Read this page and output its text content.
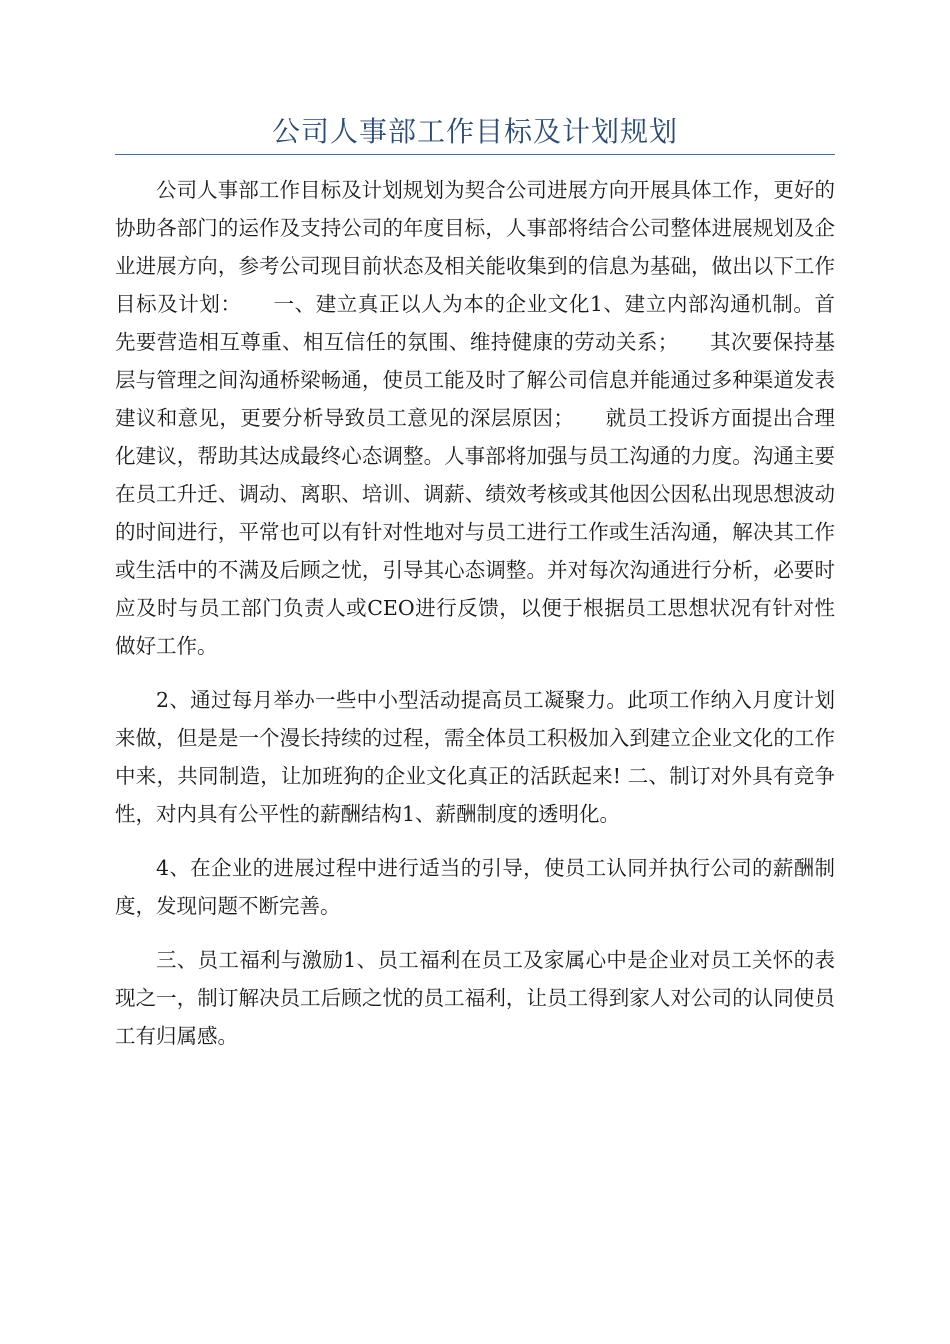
公司人事部工作目标及计划规划

公司人事部工作目标及计划规划为契合公司进展方向开展具体工作，更好的协助各部门的运作及支持公司的年度目标，人事部将结合公司整体进展规划及企业进展方向，参考公司现目前状态及相关能收集到的信息为基础，做出以下工作目标及计划：　　一、建立真正以人为本的企业文化1、建立内部沟通机制。首先要营造相互尊重、相互信任的氛围、维持健康的劳动关系；　　其次要保持基层与管理之间沟通桥梁畅通，使员工能及时了解公司信息并能通过多种渠道发表建议和意见，更要分析导致员工意见的深层原因；　　就员工投诉方面提出合理化建议，帮助其达成最终心态调整。人事部将加强与员工沟通的力度。沟通主要在员工升迁、调动、离职、培训、调薪、绩效考核或其他因公因私出现思想波动的时间进行，平常也可以有针对性地对与员工进行工作或生活沟通，解决其工作或生活中的不满及后顾之忧，引导其心态调整。并对每次沟通进行分析，必要时应及时与员工部门负责人或CEO进行反馈，以便于根据员工思想状况有针对性做好工作。

2、通过每月举办一些中小型活动提高员工凝聚力。此项工作纳入月度计划来做，但是是一个漫长持续的过程，需全体员工积极加入到建立企业文化的工作中来，共同制造，让加班狗的企业文化真正的活跃起来! 二、制订对外具有竞争性，对内具有公平性的薪酬结构1、薪酬制度的透明化。

4、在企业的进展过程中进行适当的引导，使员工认同并执行公司的薪酬制度，发现问题不断完善。

三、员工福利与激励1、员工福利在员工及家属心中是企业对员工关怀的表现之一，制订解决员工后顾之忧的员工福利，让员工得到家人对公司的认同使员工有归属感。
